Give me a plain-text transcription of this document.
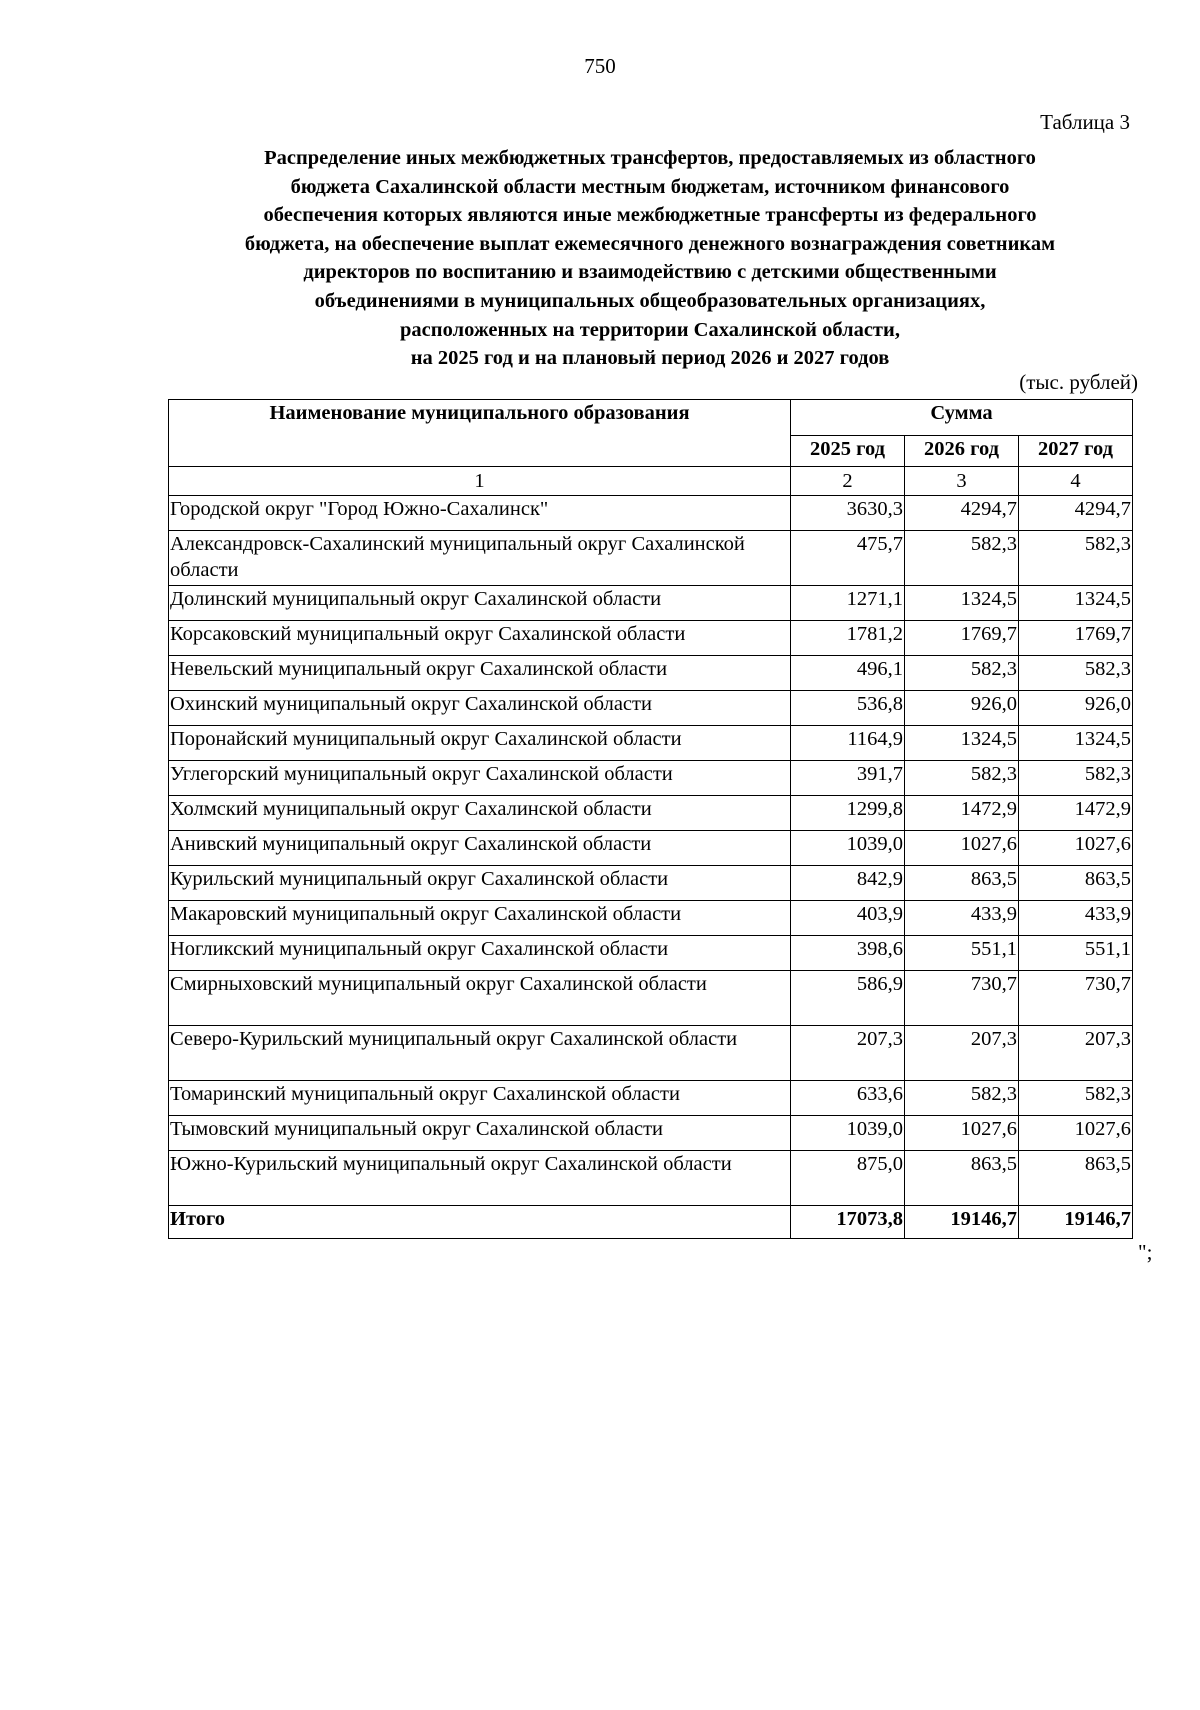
750
Таблица 3
Распределение иных межбюджетных трансфертов, предоставляемых из областного
бюджета Сахалинской области местным бюджетам, источником финансового
обеспечения которых являются иные межбюджетные трансферты из федерального
бюджета, на обеспечение выплат ежемесячного денежного вознаграждения советникам
директоров по воспитанию и взаимодействию с детскими общественными
объединениями в муниципальных общеобразовательных организациях,
расположенных на территории Сахалинской области,
на 2025 год и на плановый период 2026 и 2027 годов
(тыс. рублей)
Наименование муниципального образования	Сумма		
	2025 год	2026 год	2027 год
1	2	3	4
Городской округ "Город Южно-Сахалинск"	3630,3	4294,7	4294,7
Александровск-Сахалинский муниципальный округ Сахалинской области	475,7	582,3	582,3
Долинский муниципальный округ Сахалинской области	1271,1	1324,5	1324,5
Корсаковский муниципальный округ Сахалинской области	1781,2	1769,7	1769,7
Невельский муниципальный округ Сахалинской области	496,1	582,3	582,3
Охинский муниципальный округ Сахалинской области	536,8	926,0	926,0
Поронайский муниципальный округ Сахалинской области	1164,9	1324,5	1324,5
Углегорский муниципальный округ Сахалинской области	391,7	582,3	582,3
Холмский муниципальный округ Сахалинской области	1299,8	1472,9	1472,9
Анивский муниципальный округ Сахалинской области	1039,0	1027,6	1027,6
Курильский муниципальный округ Сахалинской области	842,9	863,5	863,5
Макаровский муниципальный округ Сахалинской области	403,9	433,9	433,9
Ногликский муниципальный округ Сахалинской области	398,6	551,1	551,1
Смирныховский муниципальный округ Сахалинской области	586,9	730,7	730,7
Северо-Курильский муниципальный округ Сахалинской области	207,3	207,3	207,3
Томаринский муниципальный округ Сахалинской области	633,6	582,3	582,3
Тымовский муниципальный округ Сахалинской области	1039,0	1027,6	1027,6
Южно-Курильский муниципальный округ Сахалинской области	875,0	863,5	863,5
Итого	17073,8	19146,7	19146,7
";
